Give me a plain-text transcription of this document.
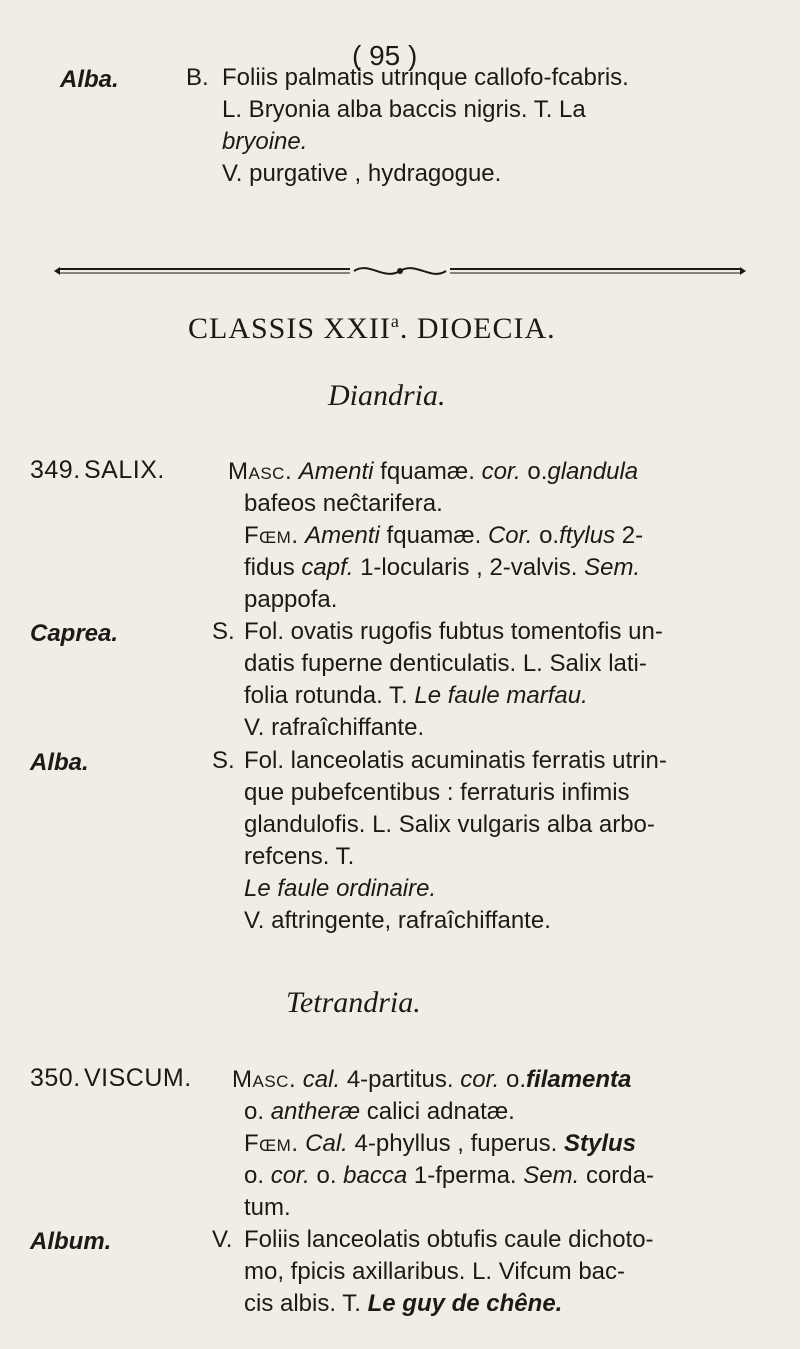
( 95 )
Alba.	B. Foliis palmatis utrinque callofo-fcabris.
L. Bryonia alba baccis nigris. T. La
bryoine.
V. purgative , hydragogue.
CLASSIS XXII$^a$. DIOECIA.
Diandria.
349. SALIX.	Masc. Amenti fquamæ. cor. o.glandula
bafeos neĉtarifera.
Fœm. Amenti fquamæ. Cor. o.ftylus 2-
fidus capf. 1-locularis , 2-valvis. Sem.
pappofa.
Caprea.	S. Fol. ovatis rugofis fubtus tomentofis un-
datis fuperne denticulatis. L. Salix lati-
folia rotunda. T. Le faule marfau.
V. rafraîchiffante.
Alba.	S. Fol. lanceolatis acuminatis ferratis utrin-
que pubefcentibus : ferraturis infimis
glandulofis. L. Salix vulgaris alba arbo-
refcens. T.
Le faule ordinaire.
V. aftringente, rafraîchiffante.
Tetrandria.
350. VISCUM. Masc. cal. 4-partitus. cor. o.filamenta
o. antheræ calici adnatæ.
Fœm. Cal. 4-phyllus , fuperus. Stylus
o. cor. o. bacca 1-fperma. Sem. corda-
tum.
Album.	V. Foliis lanceolatis obtufis caule dichoto-
mo, fpicis axillaribus. L. Vifcum bac-
cis albis. T. Le guy de chêne.
